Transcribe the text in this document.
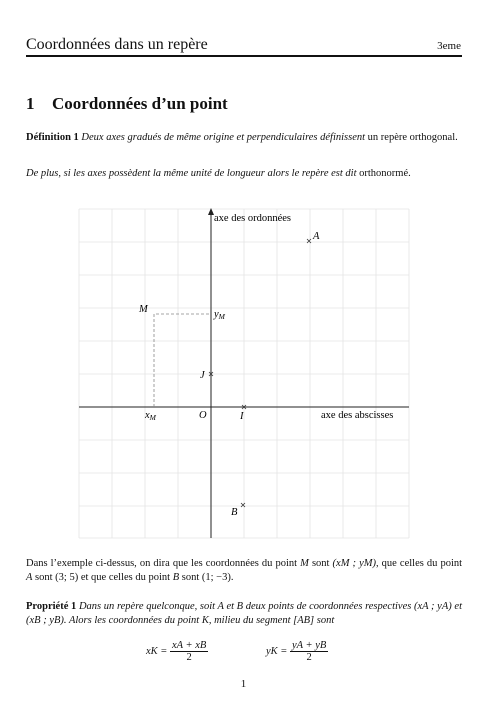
Coordonnées dans un repère	3eme
1 Coordonnées d’un point
Définition 1 Deux axes gradués de même origine et perpendiculaires définissent un repère orthogonal.
De plus, si les axes possèdent la même unité de longueur alors le repère est dit orthonormé.
axe des ordonnées
axe des abscisses
A
B
M
O	I
J
xM
yM
Dans l’exemple ci-dessus, on dira que les coordonnées du point M sont (xM ; yM), que celles du point A sont (3; 5) et que celles du point B sont (1; −3).
Propriété 1 Dans un repère quelconque, soit A et B deux points de coordonnées respectives (xA ; yA) et (xB ; yB). Alors les coordonnées du point K, milieu du segment [AB] sont
xK = $\frac{xA + xB}{2}$	yK = $\frac{yA + yB}{2}$
1
